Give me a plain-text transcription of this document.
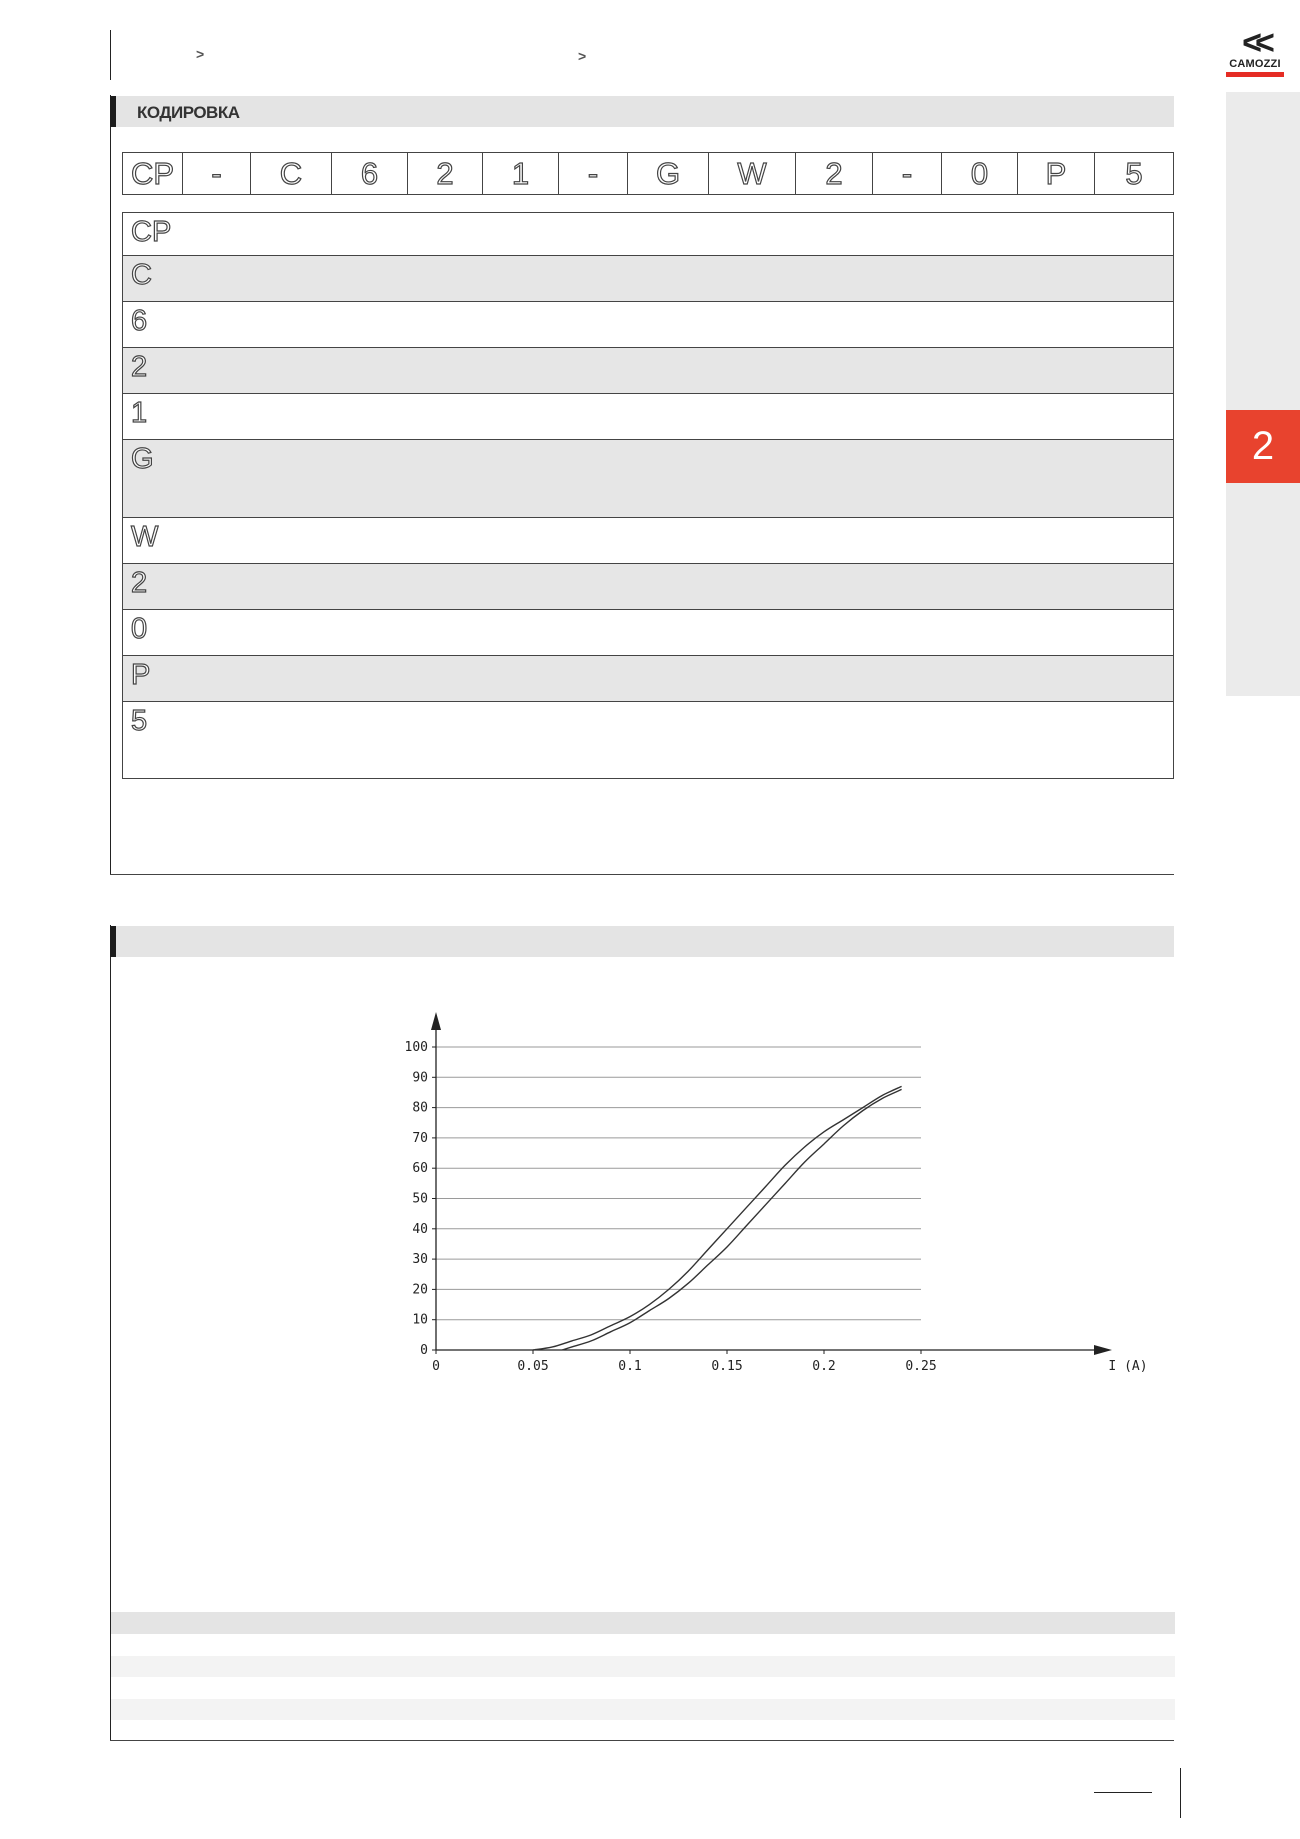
>	>	<<
CAMOZZI
2
КОДИРОВКА
CP	-	C	6	2	1	-	G	W	2	-	0	P	5
CP
C
6
2
1
G
W
2
0
P
5
0
10
20
30
40
50
60
70
80
90
100
0	0.05	0.1	0.15	0.2	0.25	I (A)
